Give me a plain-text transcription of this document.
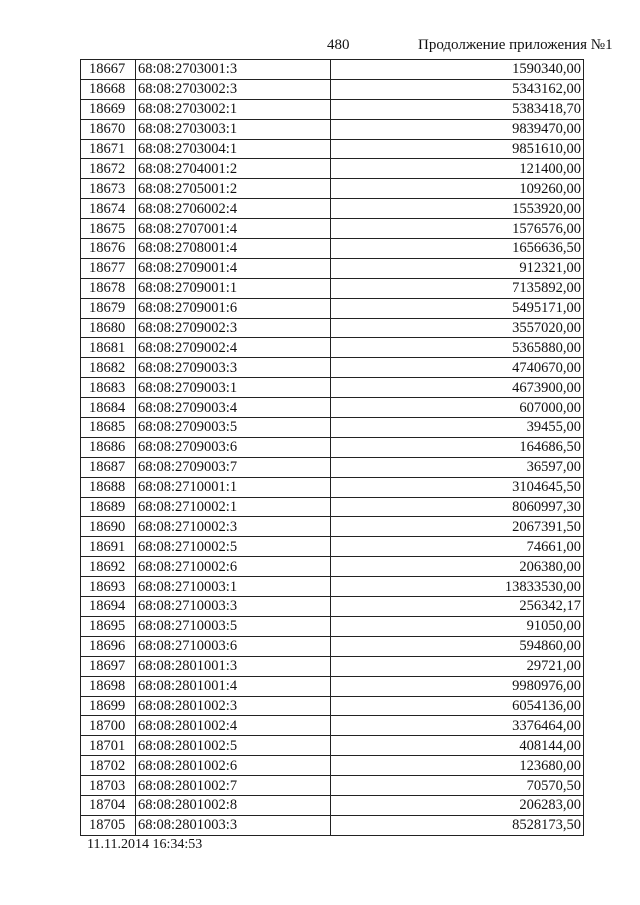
480	Продолжение приложения №1
18667	68:08:2703001:3	1590340,00
18668	68:08:2703002:3	5343162,00
18669	68:08:2703002:1	5383418,70
18670	68:08:2703003:1	9839470,00
18671	68:08:2703004:1	9851610,00
18672	68:08:2704001:2	121400,00
18673	68:08:2705001:2	109260,00
18674	68:08:2706002:4	1553920,00
18675	68:08:2707001:4	1576576,00
18676	68:08:2708001:4	1656636,50
18677	68:08:2709001:4	912321,00
18678	68:08:2709001:1	7135892,00
18679	68:08:2709001:6	5495171,00
18680	68:08:2709002:3	3557020,00
18681	68:08:2709002:4	5365880,00
18682	68:08:2709003:3	4740670,00
18683	68:08:2709003:1	4673900,00
18684	68:08:2709003:4	607000,00
18685	68:08:2709003:5	39455,00
18686	68:08:2709003:6	164686,50
18687	68:08:2709003:7	36597,00
18688	68:08:2710001:1	3104645,50
18689	68:08:2710002:1	8060997,30
18690	68:08:2710002:3	2067391,50
18691	68:08:2710002:5	74661,00
18692	68:08:2710002:6	206380,00
18693	68:08:2710003:1	13833530,00
18694	68:08:2710003:3	256342,17
18695	68:08:2710003:5	91050,00
18696	68:08:2710003:6	594860,00
18697	68:08:2801001:3	29721,00
18698	68:08:2801001:4	9980976,00
18699	68:08:2801002:3	6054136,00
18700	68:08:2801002:4	3376464,00
18701	68:08:2801002:5	408144,00
18702	68:08:2801002:6	123680,00
18703	68:08:2801002:7	70570,50
18704	68:08:2801002:8	206283,00
18705	68:08:2801003:3	8528173,50
11.11.2014 16:34:53
